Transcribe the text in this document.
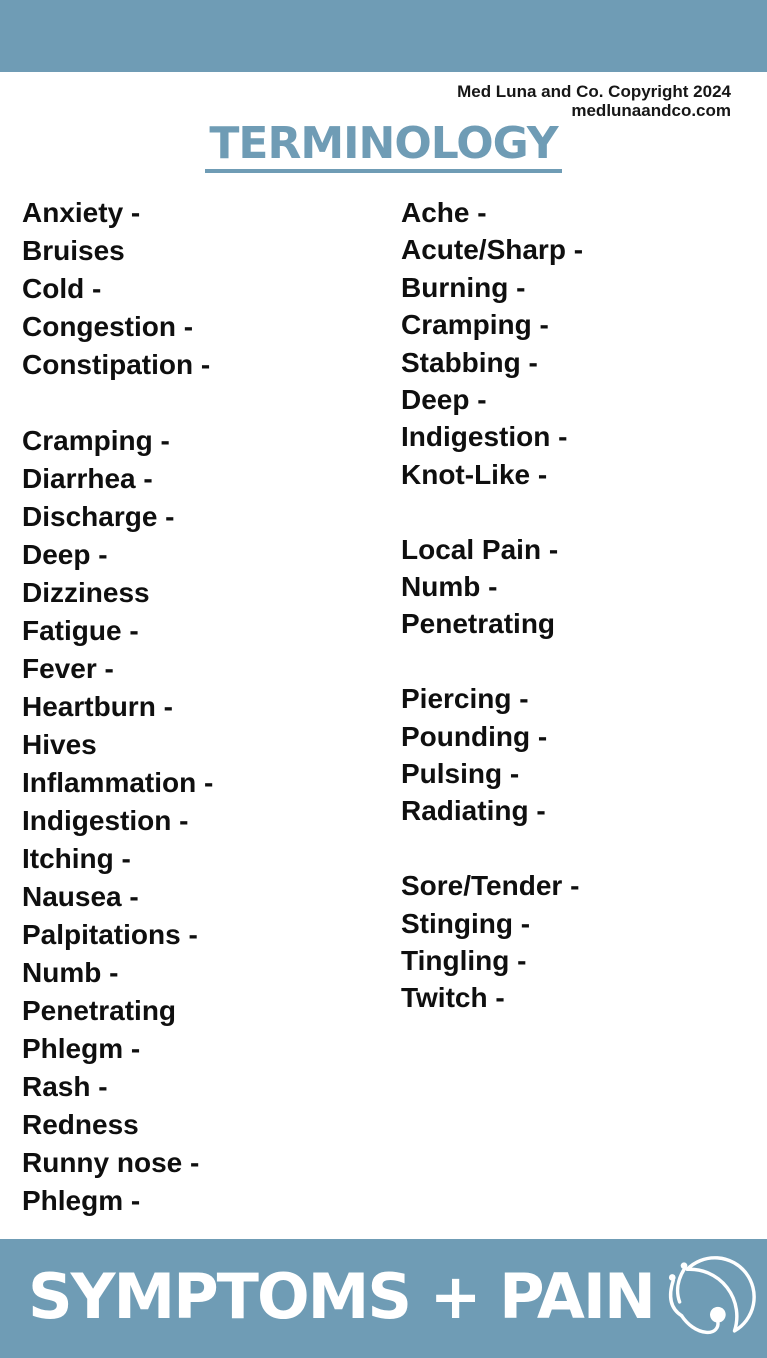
Med Luna and Co. Copyright 2024
medlunaandco.com
TERMINOLOGY
Anxiety -
Bruises
Cold -
Congestion -
Constipation -
Cramping -
Diarrhea -
Discharge -
Deep -
Dizziness
Fatigue -
Fever -
Heartburn -
Hives
Inflammation -
Indigestion -
Itching -
Nausea -
Palpitations -
Numb -
Penetrating
Phlegm -
Rash -
Redness
Runny nose -
Phlegm -
Ache -
Acute/Sharp -
Burning -
Cramping -
Stabbing -
Deep -
Indigestion -
Knot-Like -
Local Pain -
Numb -
Penetrating
Piercing -
Pounding -
Pulsing -
Radiating -
Sore/Tender -
Stinging -
Tingling -
Twitch -
SYMPTOMS + PAIN
